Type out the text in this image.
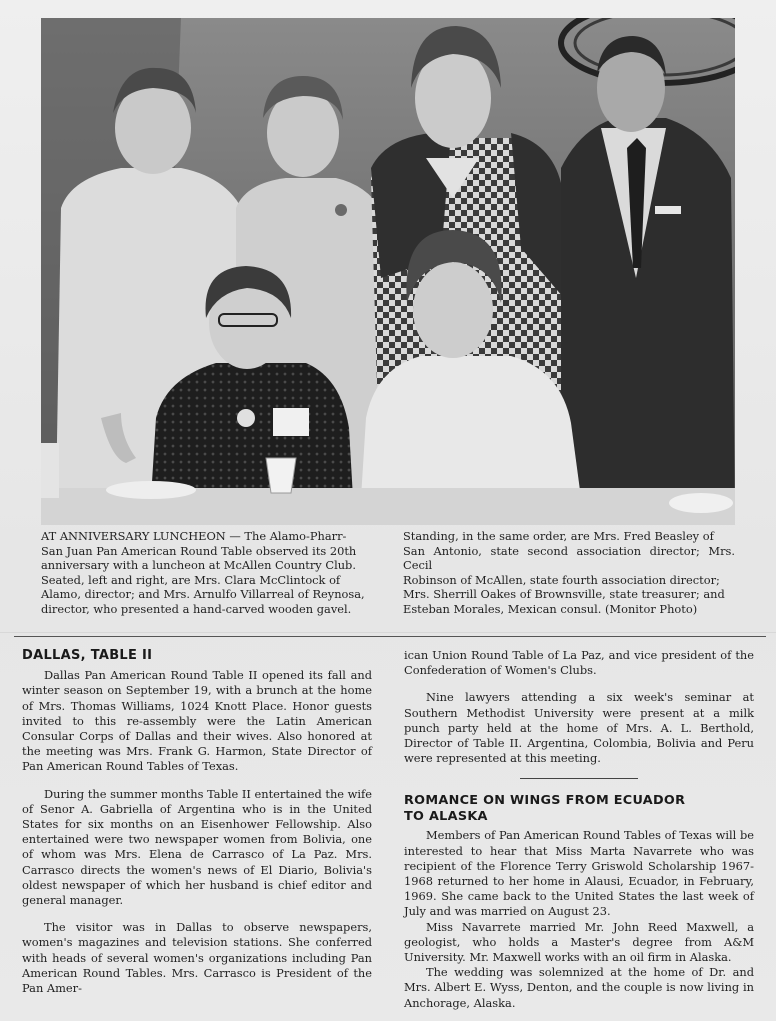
AT ANNIVERSARY LUNCHEON — The Alamo-Pharr-
San Juan Pan American Round Table observed its 20th
anniversary with a luncheon at McAllen Country Club.
Seated, left and right, are Mrs. Clara McClintock of
Alamo, director; and Mrs. Arnulfo Villarreal of Reynosa,
director, who presented a hand-carved wooden gavel.
Standing, in the same order, are Mrs. Fred Beasley of
San Antonio, state second association director; Mrs. Cecil
Robinson of McAllen, state fourth association director;
Mrs. Sherrill Oakes of Brownsville, state treasurer; and
Esteban Morales, Mexican consul. (Monitor Photo)
DALLAS, TABLE II

Dallas Pan American Round Table II opened its fall and winter season on September 19, with a brunch at the home of Mrs. Thomas Williams, 1024 Knott Place. Honor guests invited to this re-assembly were the Latin American Consular Corps of Dallas and their wives. Also honored at the meeting was Mrs. Frank G. Harmon, State Director of Pan American Round Tables of Texas.

During the summer months Table II entertained the wife of Senor A. Gabriella of Argentina who is in the United States for six months on an Eisenhower Fellowship. Also entertained were two newspaper women from Bolivia, one of whom was Mrs. Elena de Carrasco of La Paz. Mrs. Carrasco directs the women's news of El Diario, Bolivia's oldest newspaper of which her husband is chief editor and general manager.

The visitor was in Dallas to observe newspapers, women's magazines and television stations. She conferred with heads of several women's organizations including Pan American Round Tables. Mrs. Carrasco is President of the Pan Amer-

ican Union Round Table of La Paz, and vice president of the Confederation of Women's Clubs.

Nine lawyers attending a six week's seminar at Southern Methodist University were present at a milk punch party held at the home of Mrs. A. L. Berthold, Director of Table II. Argentina, Colombia, Bolivia and Peru were represented at this meeting.

ROMANCE ON WINGS FROM ECUADOR
TO ALASKA

Members of Pan American Round Tables of Texas will be interested to hear that Miss Marta Navarrete who was recipient of the Florence Terry Griswold Scholarship 1967-1968 returned to her home in Alausi, Ecuador, in February, 1969. She came back to the United States the last week of July and was married on August 23.

Miss Navarrete married Mr. John Reed Maxwell, a geologist, who holds a Master's degree from A&M University. Mr. Maxwell works with an oil firm in Alaska.

The wedding was solemnized at the home of Dr. and Mrs. Albert E. Wyss, Denton, and the couple is now living in Anchorage, Alaska.
